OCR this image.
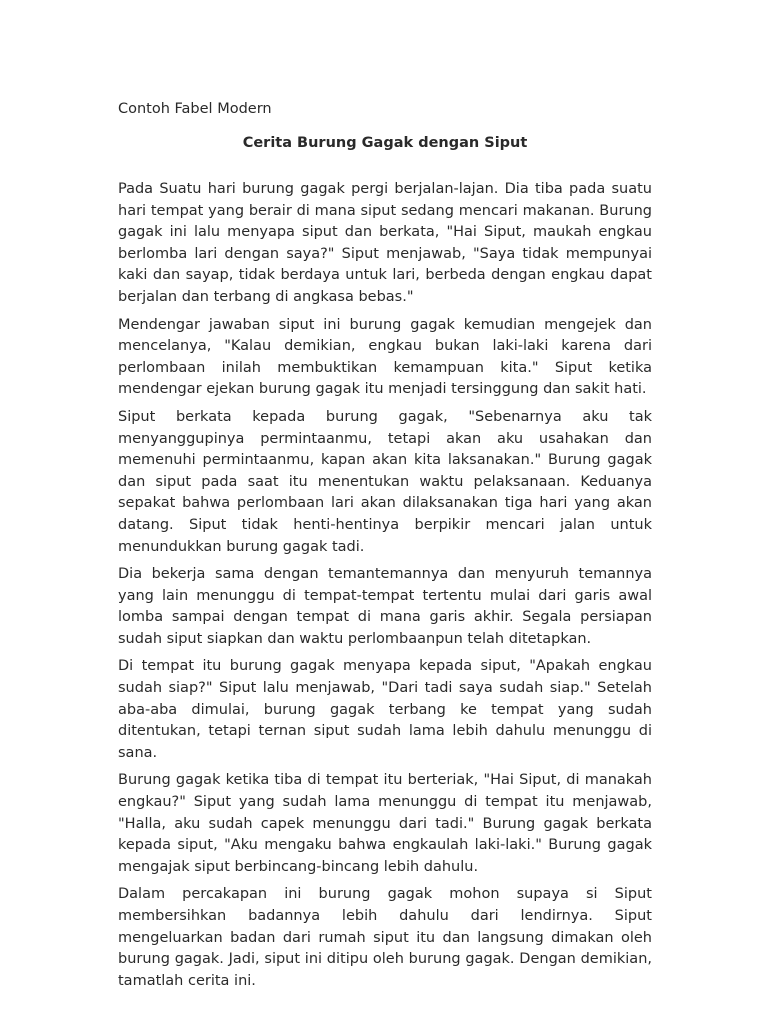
Contoh Fabel Modern

Cerita Burung Gagak dengan Siput

Pada Suatu hari burung gagak pergi berjalan-lajan. Dia tiba pada suatu hari tempat yang berair di mana siput sedang mencari makanan. Burung gagak ini lalu menyapa siput dan berkata, "Hai Siput, maukah engkau berlomba lari dengan saya?" Siput menjawab, "Saya tidak mempunyai kaki dan sayap, tidak berdaya untuk lari, berbeda dengan engkau dapat berjalan dan terbang di angkasa bebas."

Mendengar jawaban siput ini burung gagak kemudian mengejek dan mencelanya, "Kalau demikian, engkau bukan laki-laki karena dari perlombaan inilah membuktikan kemampuan kita." Siput ketika mendengar ejekan burung gagak itu menjadi tersinggung dan sakit hati.

Siput berkata kepada burung gagak, "Sebenarnya aku tak menyanggupinya permintaanmu, tetapi akan aku usahakan dan memenuhi permintaanmu, kapan akan kita laksanakan." Burung gagak dan siput pada saat itu menentukan waktu pelaksanaan. Keduanya sepakat bahwa perlombaan lari akan dilaksanakan tiga hari yang akan datang. Siput tidak henti-hentinya berpikir mencari jalan untuk menundukkan burung gagak tadi.

Dia bekerja sama dengan temantemannya dan menyuruh temannya yang lain menunggu di tempat-tempat tertentu mulai dari garis awal lomba sampai dengan tempat di mana garis akhir. Segala persiapan sudah siput siapkan dan waktu perlombaanpun telah ditetapkan.

Di tempat itu burung gagak menyapa kepada siput, "Apakah engkau sudah siap?" Siput lalu menjawab, "Dari tadi saya sudah siap." Setelah aba-aba dimulai, burung gagak terbang ke tempat yang sudah ditentukan, tetapi ternan siput sudah lama lebih dahulu menunggu di sana.

Burung gagak ketika tiba di tempat itu berteriak, "Hai Siput, di manakah engkau?" Siput yang sudah lama menunggu di tempat itu menjawab, "Halla, aku sudah capek menunggu dari tadi." Burung gagak berkata kepada siput, "Aku mengaku bahwa engkaulah laki-laki." Burung gagak mengajak siput berbincang-bincang lebih dahulu.

Dalam percakapan ini burung gagak mohon supaya si Siput membersihkan badannya lebih dahulu dari lendirnya. Siput mengeluarkan badan dari rumah siput itu dan langsung dimakan oleh burung gagak. Jadi, siput ini ditipu oleh burung gagak. Dengan demikian, tamatlah cerita ini.
